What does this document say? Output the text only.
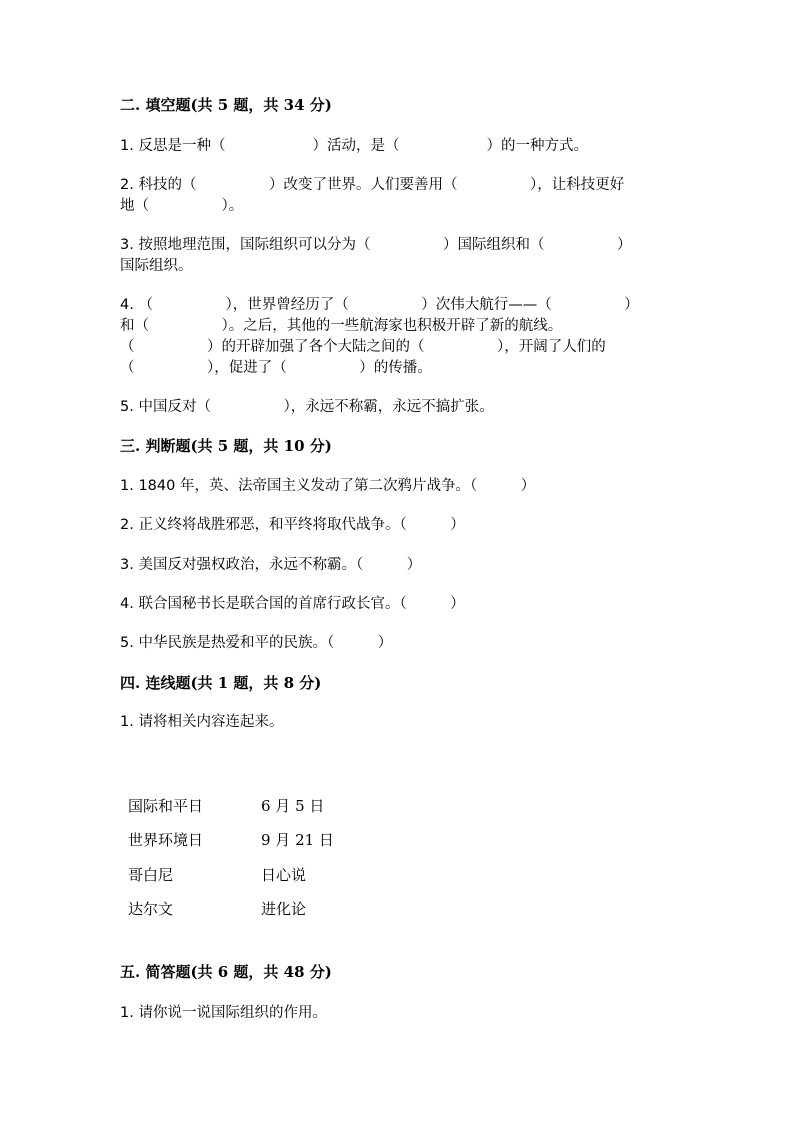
二. 填空题(共 5 题，共 34 分)
1. 反思是一种（　　　　　　）活动，是（　　　　　　）的一种方式。
2. 科技的（　　　　　）改变了世界。人们要善用（　　　　　），让科技更好
地（　　　　　）。
3. 按照地理范围，国际组织可以分为（　　　　　）国际组织和（　　　　　）
国际组织。
4. （　　　　　），世界曾经历了（　　　　　）次伟大航行——（　　　　　）
和（　　　　　）。之后，其他的一些航海家也积极开辟了新的航线。
（　　　　　）的开辟加强了各个大陆之间的（　　　　　），开阔了人们的
（　　　　　），促进了（　　　　　）的传播。
5. 中国反对（　　　　　），永远不称霸，永远不搞扩张。
三. 判断题(共 5 题，共 10 分)
1. 1840 年，英、法帝国主义发动了第二次鸦片战争。（　　　）
2. 正义终将战胜邪恶，和平终将取代战争。（　　　）
3. 美国反对强权政治，永远不称霸。（　　　）
4. 联合国秘书长是联合国的首席行政长官。（　　　）
5. 中华民族是热爱和平的民族。（　　　）
四. 连线题(共 1 题，共 8 分)
1. 请将相关内容连起来。
国际和平日	6 月 5 日
世界环境日	9 月 21 日
哥白尼	日心说
达尔文	进化论
五. 简答题(共 6 题，共 48 分)
1. 请你说一说国际组织的作用。
